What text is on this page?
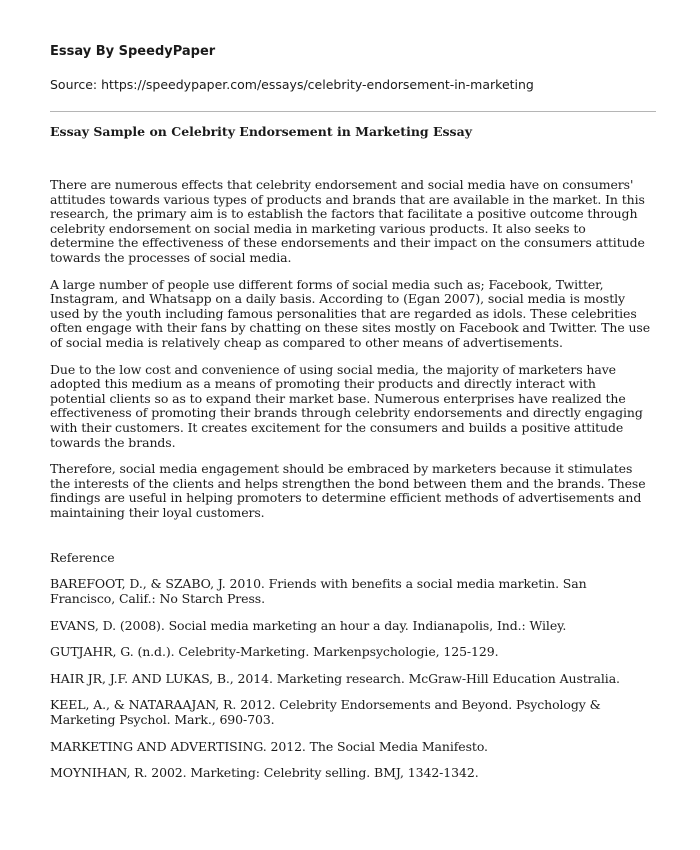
Essay By SpeedyPaper
Source: https://speedypaper.com/essays/celebrity-endorsement-in-marketing
Essay Sample on Celebrity Endorsement in Marketing Essay

There are numerous effects that celebrity endorsement and social media have on consumers' attitudes towards various types of products and brands that are available in the market. In this research, the primary aim is to establish the factors that facilitate a positive outcome through celebrity endorsement on social media in marketing various products. It also seeks to determine the effectiveness of these endorsements and their impact on the consumers attitude towards the processes of social media.

A large number of people use different forms of social media such as; Facebook, Twitter, Instagram, and Whatsapp on a daily basis. According to (Egan 2007), social media is mostly used by the youth including famous personalities that are regarded as idols. These celebrities often engage with their fans by chatting on these sites mostly on Facebook and Twitter. The use of social media is relatively cheap as compared to other means of advertisements.

Due to the low cost and convenience of using social media, the majority of marketers have adopted this medium as a means of promoting their products and directly interact with potential clients so as to expand their market base. Numerous enterprises have realized the effectiveness of promoting their brands through celebrity endorsements and directly engaging with their customers. It creates excitement for the consumers and builds a positive attitude towards the brands.

Therefore, social media engagement should be embraced by marketers because it stimulates the interests of the clients and helps strengthen the bond between them and the brands. These findings are useful in helping promoters to determine efficient methods of advertisements and maintaining their loyal customers.

Reference

BAREFOOT, D., & SZABO, J. 2010. Friends with benefits a social media marketin. San Francisco, Calif.: No Starch Press.

EVANS, D. (2008). Social media marketing an hour a day. Indianapolis, Ind.: Wiley.

GUTJAHR, G. (n.d.). Celebrity-Marketing. Markenpsychologie, 125-129.

HAIR JR, J.F. AND LUKAS, B., 2014. Marketing research. McGraw-Hill Education Australia.

KEEL, A., & NATARAAJAN, R. 2012. Celebrity Endorsements and Beyond. Psychology & Marketing Psychol. Mark., 690-703.

MARKETING AND ADVERTISING. 2012. The Social Media Manifesto.

MOYNIHAN, R. 2002. Marketing: Celebrity selling. BMJ, 1342-1342.
